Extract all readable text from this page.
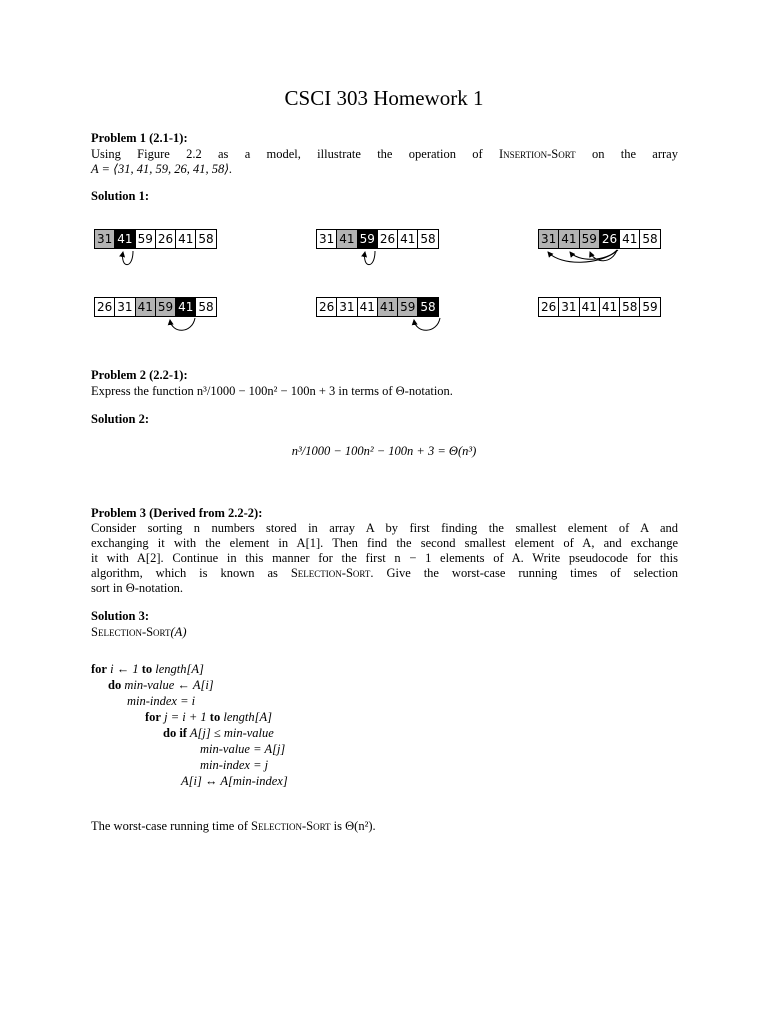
CSCI 303 Homework 1
Problem 1 (2.1-1):
Using Figure 2.2 as a model, illustrate the operation of Insertion-Sort on the array
A = ⟨31, 41, 59, 26, 41, 58⟩.
Solution 1:
31 41 59 26 41 58	31 41 59 26 41 58	31 41 59 26 41 58
26 31 41 59 41 58	26 31 41 41 59 58	26 31 41 41 58 59
Problem 2 (2.2-1):
Express the function n³/1000 − 100n² − 100n + 3 in terms of Θ-notation.
Solution 2:
n³/1000 − 100n² − 100n + 3 = Θ(n³)
Problem 3 (Derived from 2.2-2):
Consider sorting n numbers stored in array A by first finding the smallest element of A and
exchanging it with the element in A[1]. Then find the second smallest element of A, and exchange
it with A[2]. Continue in this manner for the first n − 1 elements of A. Write pseudocode for this
algorithm, which is known as Selection-Sort. Give the worst-case running times of selection
sort in Θ-notation.
Solution 3:
Selection-Sort(A)
for i ← 1 to length[A]
do min-value ← A[i]
min-index = i
for j = i + 1 to length[A]
do if A[j] ≤ min-value
min-value = A[j]
min-index = j
A[i] ↔ A[min-index]
The worst-case running time of Selection-Sort is Θ(n²).
